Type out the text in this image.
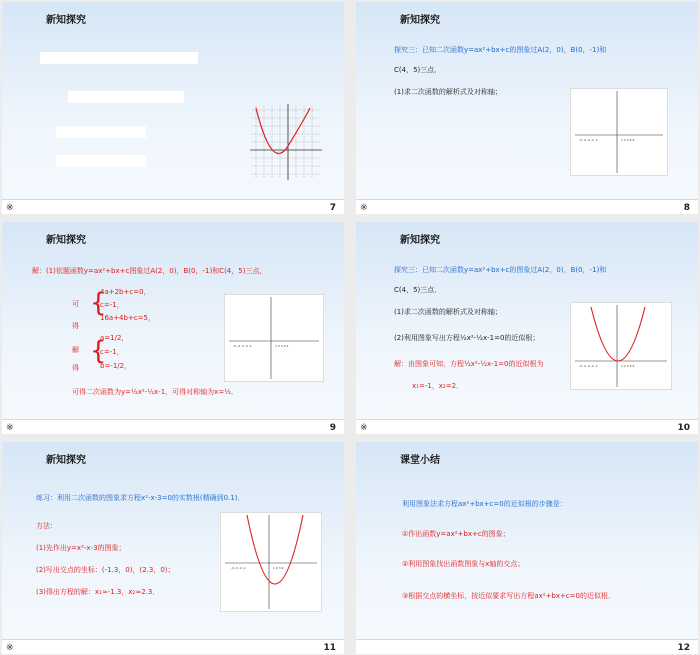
新知探究
※	7
新知探究
探究三：已知二次函数y=ax²+bx+c的图象过A(2，0)，B(0，-1)和
C(4，5)三点．
(1)求二次函数的解析式及对称轴；
-5 -4 -3 -2 -1	1 2 3 4 5
※	8
新知探究
解：(1)依题函数y=ax²+bx+c图象过A(2，0)，B(0，-1)和C(4，5)三点，
可
得
{
4a+2b+c=0，
c=-1，
16a+4b+c=5，
解
得
{
a=1/2，
c=-1，
b=-1/2，
可得二次函数为y=½x²-½x-1，可得对称轴为x=½．
-5 -4 -3 -2 -1	1 2 3 4 5
※	9
新知探究
探究三：已知二次函数y=ax²+bx+c的图象过A(2，0)，B(0，-1)和
C(4，5)三点．
(1)求二次函数的解析式及对称轴；
(2)利用图象写出方程½x²-½x-1=0的近似根；
解：由图象可知，方程½x²-½x-1=0的近似根为
x₁=-1，x₂=2．
-5 -4 -3 -2 -1	1 2 3 4 5
※	10
新知探究
练习：利用二次函数的图象求方程x²-x-3=0的实数根(精确到0.1)．
方法：
(1)先作出y=x²-x-3的图象；
(2)写出交点的坐标：(-1.3，0)，(2.3，0)；
(3)得出方程的解：x₁≈-1.3，x₂≈2.3．
-4 -3 -2 -1	1 2 3 4
※	11
课堂小结
利用图象法求方程ax²+bx+c=0的近似根的步骤是：
①作出函数y=ax²+bx+c的图象；
②利用图象找出函数图象与x轴的交点；
③根据交点的横坐标，按近似要求写出方程ax²+bx+c=0的近似根．
12
